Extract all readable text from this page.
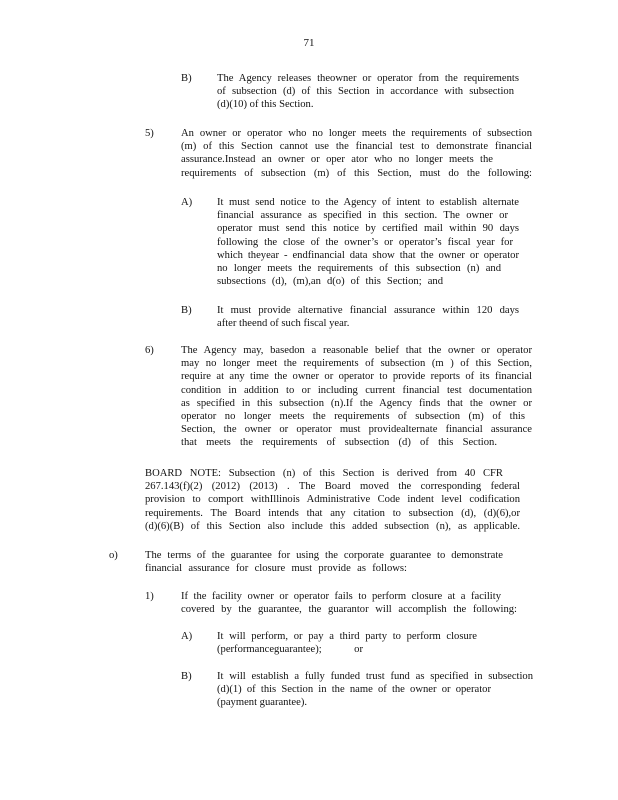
71
B) The Agency releases theowner or operator from the requirements
of subsection (d) of this Section in accordance with subsection
(d)(10) of this Section.
5)	An owner or operator who no longer meets the requirements of subsection
(m) of this Section cannot use the financial test to demonstrate financial
assurance.Instead an owner or oper ator who no longer meets the
requirements of subsection (m) of this Section, must do the following:
A) It must send notice to the Agency of intent to establish alternate
financial assurance as specified in this section. The owner or
operator must send this notice by certified mail within 90 days
following the close of the owner’s or operator’s fiscal year for
which theyear - endfinancial data show that the owner or operator
no longer meets the requirements of this subsection (n) and
subsections (d), (m),an d(o) of this Section; and
B) It must provide alternative financial assurance within 120 days
after theend of such fiscal year.
6)	The Agency may, basedon a reasonable belief that the owner or operator
may no longer meet the requirements of subsection (m ) of this Section,
require at any time the owner or operator to provide reports of its financial
condition in addition to or including current financial test documentation
as specified in this subsection (n).If the Agency finds that the owner or
operator no longer meets the requirements of subsection (m) of this
Section, the owner or operator must providealternate financial assurance
that meets the requirements of subsection (d) of this Section.
BOARD NOTE: Subsection (n) of this Section is derived from 40 CFR
267.143(f)(2) (2012) (2013) . The Board moved the corresponding federal
provision to comport withIllinois Administrative Code indent level codification
requirements. The Board intends that any citation to subsection (d), (d)(6),or
(d)(6)(B) of this Section also include this added subsection (n), as applicable.
o)	The terms of the guarantee for using the corporate guarantee to demonstrate
financial assurance for closure must provide as follows:
1)	If the facility owner or operator fails to perform closure at a facility
covered by the guarantee, the guarantor will accomplish the following:
A) It will perform, or pay a third party to perform closure
(performanceguarantee); or
B) It will establish a fully funded trust fund as specified in subsection
(d)(1) of this Section in the name of the owner or operator
(payment guarantee).
